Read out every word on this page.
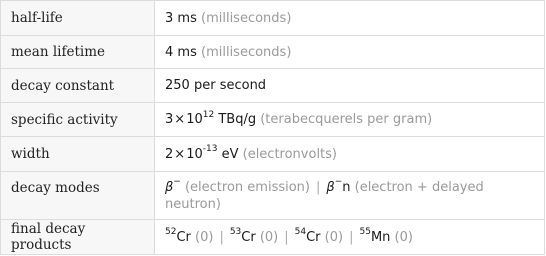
half-life	3 ms (milliseconds)
mean lifetime	4 ms (milliseconds)
decay constant	250 per second
specific activity	$3\times 10^{12}$ TBq/g (terabecquerels per gram)
width	$2\times 10^{-13}$ eV (electronvolts)
decay modes	β− (electron emission) | β−n (electron + delayed neutron)
final decay products	$^{52}$Cr (0) | $^{53}$Cr (0) | $^{54}$Cr (0) | $^{55}$Mn (0)
